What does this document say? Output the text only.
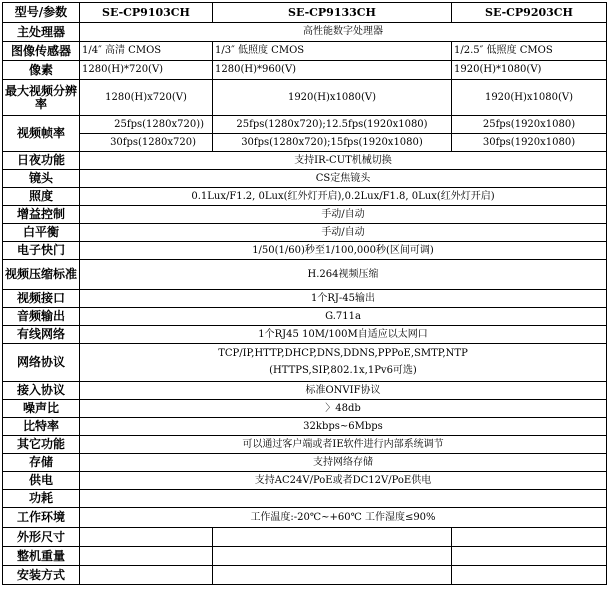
型号/参数	SE-CP9103CH	SE-CP9133CH	SE-CP9203CH
主处理器	高性能数字处理器		
图像传感器	1/4″ 高清 CMOS	1/3″ 低照度 CMOS	1/2.5″ 低照度 CMOS
像素	1280(H)*720(V)	1280(H)*960(V)	1920(H)*1080(V)
最大视频分辨率	1280(H)x720(V)	1920(H)x1080(V)	1920(H)x1080(V)
视频帧率	25fps(1280x720))	25fps(1280x720);12.5fps(1920x1080)	25fps(1920x1080)
	30fps(1280x720)	30fps(1280x720);15fps(1920x1080)	30fps(1920x1080)
日夜功能	支持IR-CUT机械切换		
镜头	CS定焦镜头		
照度	0.1Lux/F1.2, 0Lux(红外灯开启),0.2Lux/F1.8, 0Lux(红外灯开启)		
增益控制	手动/自动		
白平衡	手动/自动		
电子快门	1/50(1/60)秒至1/100,000秒(区间可调)		
视频压缩标准	H.264视频压缩		
视频接口	1个RJ-45输出		
音频输出	G.711a		
有线网络	1个RJ45 10M/100M自适应以太网口		
网络协议	TCP/IP,HTTP,DHCP,DNS,DDNS,PPPoE,SMTP,NTP
(HTTPS,SIP,802.1x,1Pv6可选)		

接入协议	标准ONVIF协议		
噪声比	〉48db		
比特率	32kbps~6Mbps		
其它功能	可以通过客户端或者IE软件进行内部系统调节		
存储	支持网络存储		
供电	支持AC24V/PoE或者DC12V/PoE供电		
功耗			
工作环境	工作温度:-20℃~+60℃ 工作湿度≤90%		
外形尺寸			
整机重量			
安装方式			
